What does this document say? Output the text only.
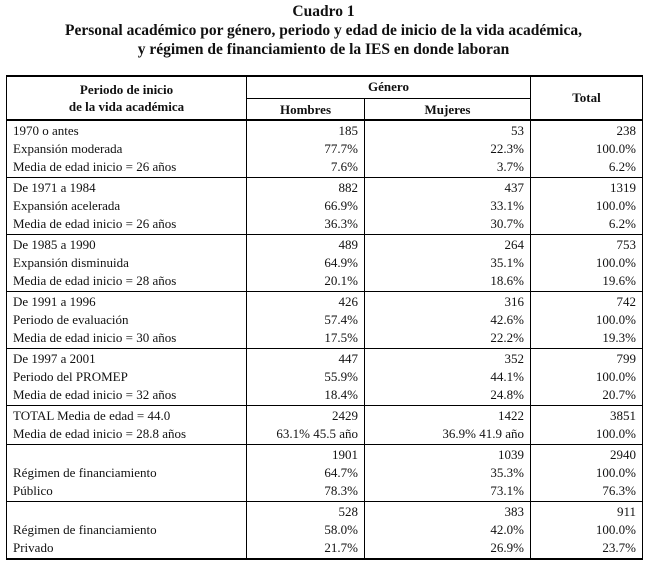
Cuadro 1
Personal académico por género, periodo y edad de inicio de la vida académica,
y régimen de financiamiento de la IES en donde laboran
Periodo de inicio
de la vida académica	Género		Total
	Hombres	Mujeres	
1970 o antes	185	53	238
Expansión moderada	77.7%	22.3%	100.0%
Media de edad inicio = 26 años	7.6%	3.7%	6.2%
De 1971 a 1984	882	437	1319
Expansión acelerada	66.9%	33.1%	100.0%
Media de edad inicio = 26 años	36.3%	30.7%	6.2%
De 1985 a 1990	489	264	753
Expansión disminuida	64.9%	35.1%	100.0%
Media de edad inicio = 28 años	20.1%	18.6%	19.6%
De 1991 a 1996	426	316	742
Periodo de evaluación	57.4%	42.6%	100.0%
Media de edad inicio = 30 años	17.5%	22.2%	19.3%
De 1997 a 2001	447	352	799
Periodo del PROMEP	55.9%	44.1%	100.0%
Media de edad inicio = 32 años	18.4%	24.8%	20.7%
TOTAL Media de edad = 44.0	2429	1422	3851
Media de edad inicio = 28.8 años	63.1% 45.5 año	36.9% 41.9 año	100.0%
	1901	1039	2940
Régimen de financiamiento	64.7%	35.3%	100.0%
Público	78.3%	73.1%	76.3%
	528	383	911
Régimen de financiamiento	58.0%	42.0%	100.0%
Privado	21.7%	26.9%	23.7%
